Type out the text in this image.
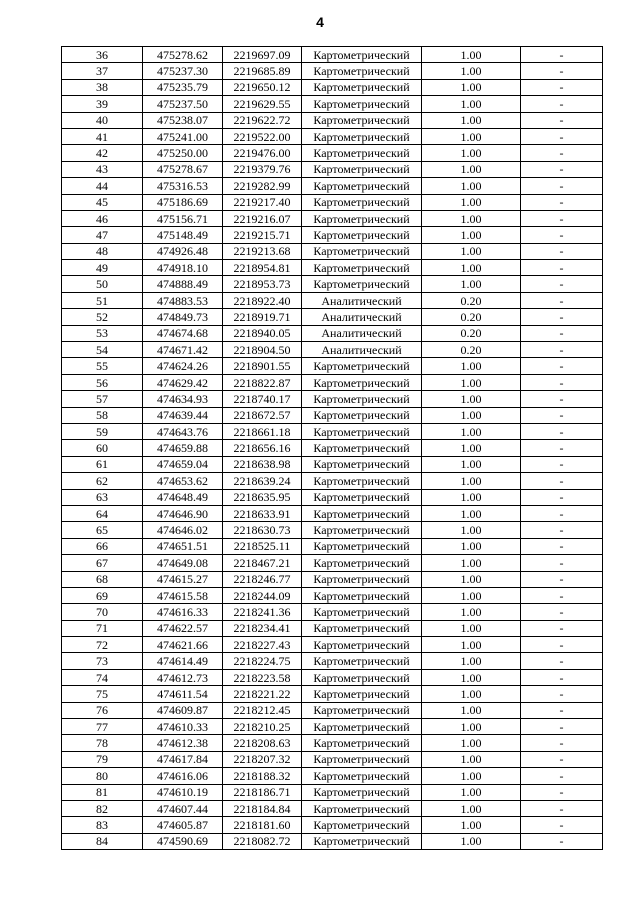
4
36	475278.62	2219697.09	Картометрический	1.00	-
37	475237.30	2219685.89	Картометрический	1.00	-
38	475235.79	2219650.12	Картометрический	1.00	-
39	475237.50	2219629.55	Картометрический	1.00	-
40	475238.07	2219622.72	Картометрический	1.00	-
41	475241.00	2219522.00	Картометрический	1.00	-
42	475250.00	2219476.00	Картометрический	1.00	-
43	475278.67	2219379.76	Картометрический	1.00	-
44	475316.53	2219282.99	Картометрический	1.00	-
45	475186.69	2219217.40	Картометрический	1.00	-
46	475156.71	2219216.07	Картометрический	1.00	-
47	475148.49	2219215.71	Картометрический	1.00	-
48	474926.48	2219213.68	Картометрический	1.00	-
49	474918.10	2218954.81	Картометрический	1.00	-
50	474888.49	2218953.73	Картометрический	1.00	-
51	474883.53	2218922.40	Аналитический	0.20	-
52	474849.73	2218919.71	Аналитический	0.20	-
53	474674.68	2218940.05	Аналитический	0.20	-
54	474671.42	2218904.50	Аналитический	0.20	-
55	474624.26	2218901.55	Картометрический	1.00	-
56	474629.42	2218822.87	Картометрический	1.00	-
57	474634.93	2218740.17	Картометрический	1.00	-
58	474639.44	2218672.57	Картометрический	1.00	-
59	474643.76	2218661.18	Картометрический	1.00	-
60	474659.88	2218656.16	Картометрический	1.00	-
61	474659.04	2218638.98	Картометрический	1.00	-
62	474653.62	2218639.24	Картометрический	1.00	-
63	474648.49	2218635.95	Картометрический	1.00	-
64	474646.90	2218633.91	Картометрический	1.00	-
65	474646.02	2218630.73	Картометрический	1.00	-
66	474651.51	2218525.11	Картометрический	1.00	-
67	474649.08	2218467.21	Картометрический	1.00	-
68	474615.27	2218246.77	Картометрический	1.00	-
69	474615.58	2218244.09	Картометрический	1.00	-
70	474616.33	2218241.36	Картометрический	1.00	-
71	474622.57	2218234.41	Картометрический	1.00	-
72	474621.66	2218227.43	Картометрический	1.00	-
73	474614.49	2218224.75	Картометрический	1.00	-
74	474612.73	2218223.58	Картометрический	1.00	-
75	474611.54	2218221.22	Картометрический	1.00	-
76	474609.87	2218212.45	Картометрический	1.00	-
77	474610.33	2218210.25	Картометрический	1.00	-
78	474612.38	2218208.63	Картометрический	1.00	-
79	474617.84	2218207.32	Картометрический	1.00	-
80	474616.06	2218188.32	Картометрический	1.00	-
81	474610.19	2218186.71	Картометрический	1.00	-
82	474607.44	2218184.84	Картометрический	1.00	-
83	474605.87	2218181.60	Картометрический	1.00	-
84	474590.69	2218082.72	Картометрический	1.00	-
